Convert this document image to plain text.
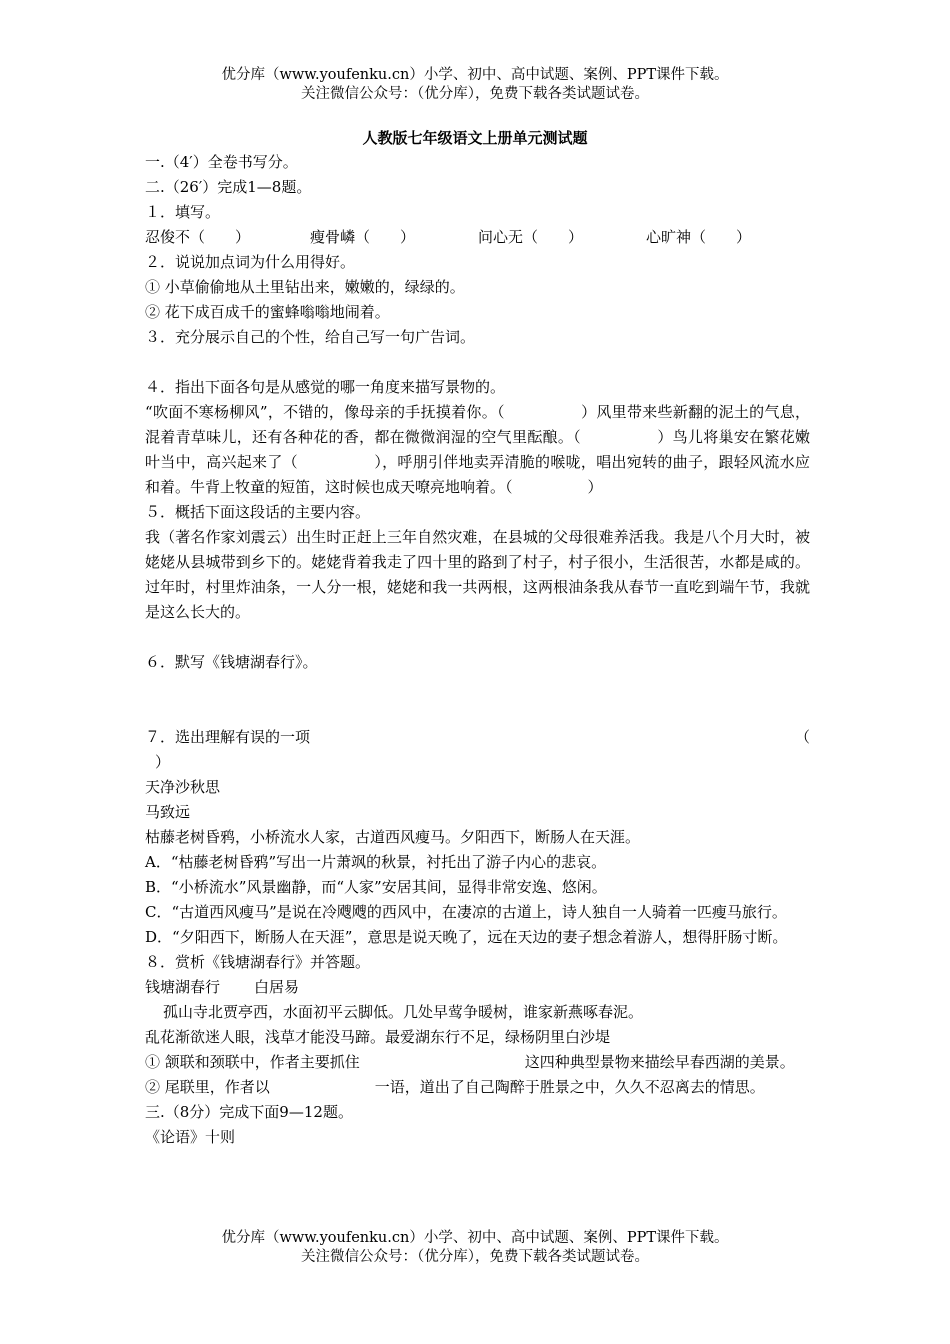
优分库（www.youfenku.cn）小学、初中、高中试题、案例、PPT课件下载。
关注微信公众号：（优分库），免费下载各类试题试卷。
人教版七年级语文上册单元测试题
一.（4′）全卷书写分。
二.（26′）完成1—8题。
１．填写。
忍俊不（　　）	瘦骨嶙（　　）	问心无（　　）	心旷神（　　）
２．说说加点词为什么用得好。
① 小草偷偷地从土里钻出来，嫩嫩的，绿绿的。
② 花下成百成千的蜜蜂嗡嗡地闹着。
３．充分展示自己的个性，给自己写一句广告词。
４．指出下面各句是从感觉的哪一角度来描写景物的。
“吹面不寒杨柳风”，不错的，像母亲的手抚摸着你。（　　　　　）风里带来些新翻的泥土的气息，混着青草味儿，还有各种花的香，都在微微润湿的空气里酝酿。（　　　　　）鸟儿将巢安在繁花嫩叶当中，高兴起来了（　　　　　），呼朋引伴地卖弄清脆的喉咙，唱出宛转的曲子，跟轻风流水应和着。牛背上牧童的短笛，这时候也成天嘹亮地响着。（　　　　　）
５．概括下面这段话的主要内容。
我（著名作家刘震云）出生时正赶上三年自然灾难，在县城的父母很难养活我。我是八个月大时，被姥姥从县城带到乡下的。姥姥背着我走了四十里的路到了村子，村子很小，生活很苦，水都是咸的。过年时，村里炸油条，一人分一根，姥姥和我一共两根，这两根油条我从春节一直吃到端午节，我就是这么长大的。
６．默写《钱塘湖春行》。
７．选出理解有误的一项	（
）
天净沙秋思
马致远
枯藤老树昏鸦，小桥流水人家，古道西风瘦马。夕阳西下，断肠人在天涯。
A．“枯藤老树昏鸦”写出一片萧飒的秋景，衬托出了游子内心的悲哀。
B．“小桥流水”风景幽静，而“人家”安居其间，显得非常安逸、悠闲。
C．“古道西风瘦马”是说在冷飕飕的西风中，在凄凉的古道上，诗人独自一人骑着一匹瘦马旅行。
D．“夕阳西下，断肠人在天涯”，意思是说天晚了，远在天边的妻子想念着游人，想得肝肠寸断。
８．赏析《钱塘湖春行》并答题。
钱塘湖春行 白居易
孤山寺北贾亭西，水面初平云脚低。几处早莺争暖树，谁家新燕啄春泥。
乱花渐欲迷人眼，浅草才能没马蹄。最爱湖东行不足，绿杨阴里白沙堤
① 颔联和颈联中，作者主要抓住　　　　　　　　　　　这四种典型景物来描绘早春西湖的美景。
② 尾联里，作者以　　　　　　　一语，道出了自己陶醉于胜景之中，久久不忍离去的情思。
三.（8分）完成下面9—12题。
《论语》十则
优分库（www.youfenku.cn）小学、初中、高中试题、案例、PPT课件下载。
关注微信公众号：（优分库），免费下载各类试题试卷。
